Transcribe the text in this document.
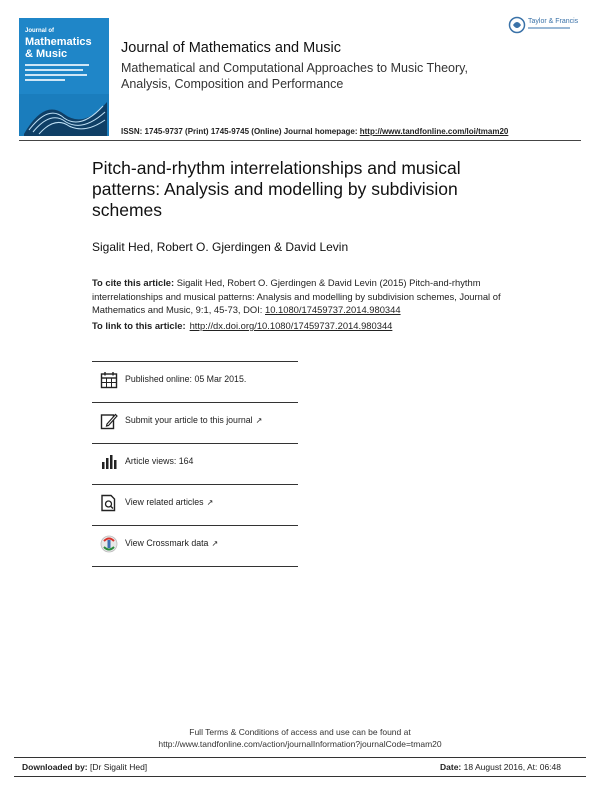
Journal of
Mathematics
& Music	Journal of Mathematics and Music
Mathematical and Computational Approaches to Music Theory, Analysis, Composition and Performance
ISSN: 1745-9737 (Print) 1745-9745 (Online) Journal homepage: http://www.tandfonline.com/loi/tmam20
Taylor & Francis
Pitch-and-rhythm interrelationships and musical patterns: Analysis and modelling by subdivision schemes
Sigalit Hed, Robert O. Gjerdingen & David Levin
To cite this article: Sigalit Hed, Robert O. Gjerdingen & David Levin (2015) Pitch-and-rhythm interrelationships and musical patterns: Analysis and modelling by subdivision schemes, Journal of Mathematics and Music, 9:1, 45-73, DOI: 10.1080/17459737.2014.980344
To link to this article: http://dx.doi.org/10.1080/17459737.2014.980344
Published online: 05 Mar 2015.
Submit your article to this journal ↗
Article views: 164
View related articles ↗
View Crossmark data ↗
Full Terms & Conditions of access and use can be found at
http://www.tandfonline.com/action/journalInformation?journalCode=tmam20
Downloaded by: [Dr Sigalit Hed]	Date: 18 August 2016, At: 06:48
